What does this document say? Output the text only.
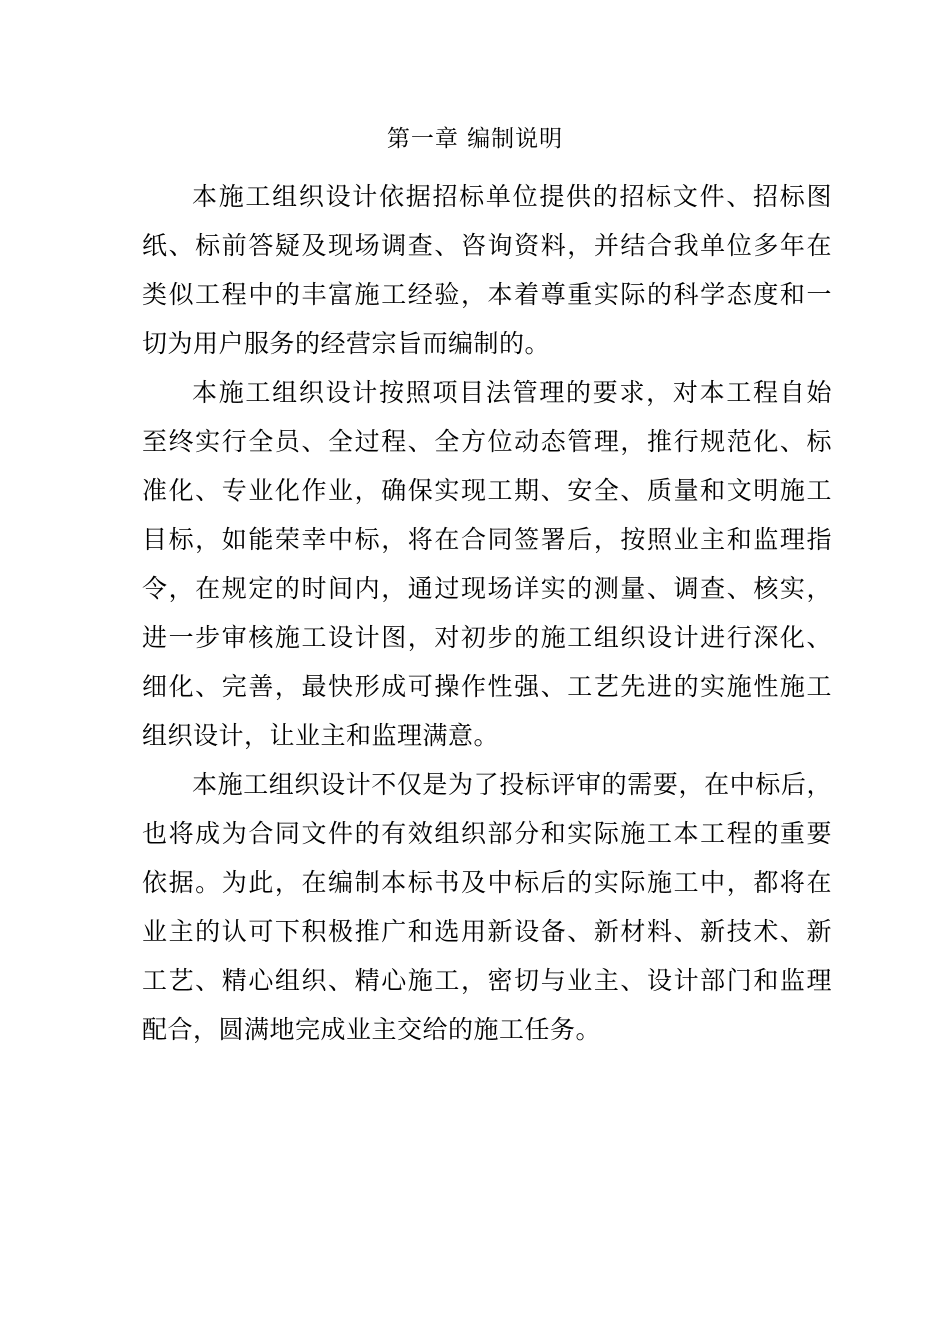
第一章 编制说明
本施工组织设计依据招标单位提供的招标文件、招标图
纸、标前答疑及现场调查、咨询资料，并结合我单位多年在
类似工程中的丰富施工经验，本着尊重实际的科学态度和一
切为用户服务的经营宗旨而编制的。
本施工组织设计按照项目法管理的要求，对本工程自始
至终实行全员、全过程、全方位动态管理，推行规范化、标
准化、专业化作业，确保实现工期、安全、质量和文明施工
目标，如能荣幸中标，将在合同签署后，按照业主和监理指
令，在规定的时间内，通过现场详实的测量、调查、核实，
进一步审核施工设计图，对初步的施工组织设计进行深化、
细化、完善，最快形成可操作性强、工艺先进的实施性施工
组织设计，让业主和监理满意。
本施工组织设计不仅是为了投标评审的需要，在中标后，
也将成为合同文件的有效组织部分和实际施工本工程的重要
依据。为此，在编制本标书及中标后的实际施工中，都将在
业主的认可下积极推广和选用新设备、新材料、新技术、新
工艺、精心组织、精心施工，密切与业主、设计部门和监理
配合，圆满地完成业主交给的施工任务。
